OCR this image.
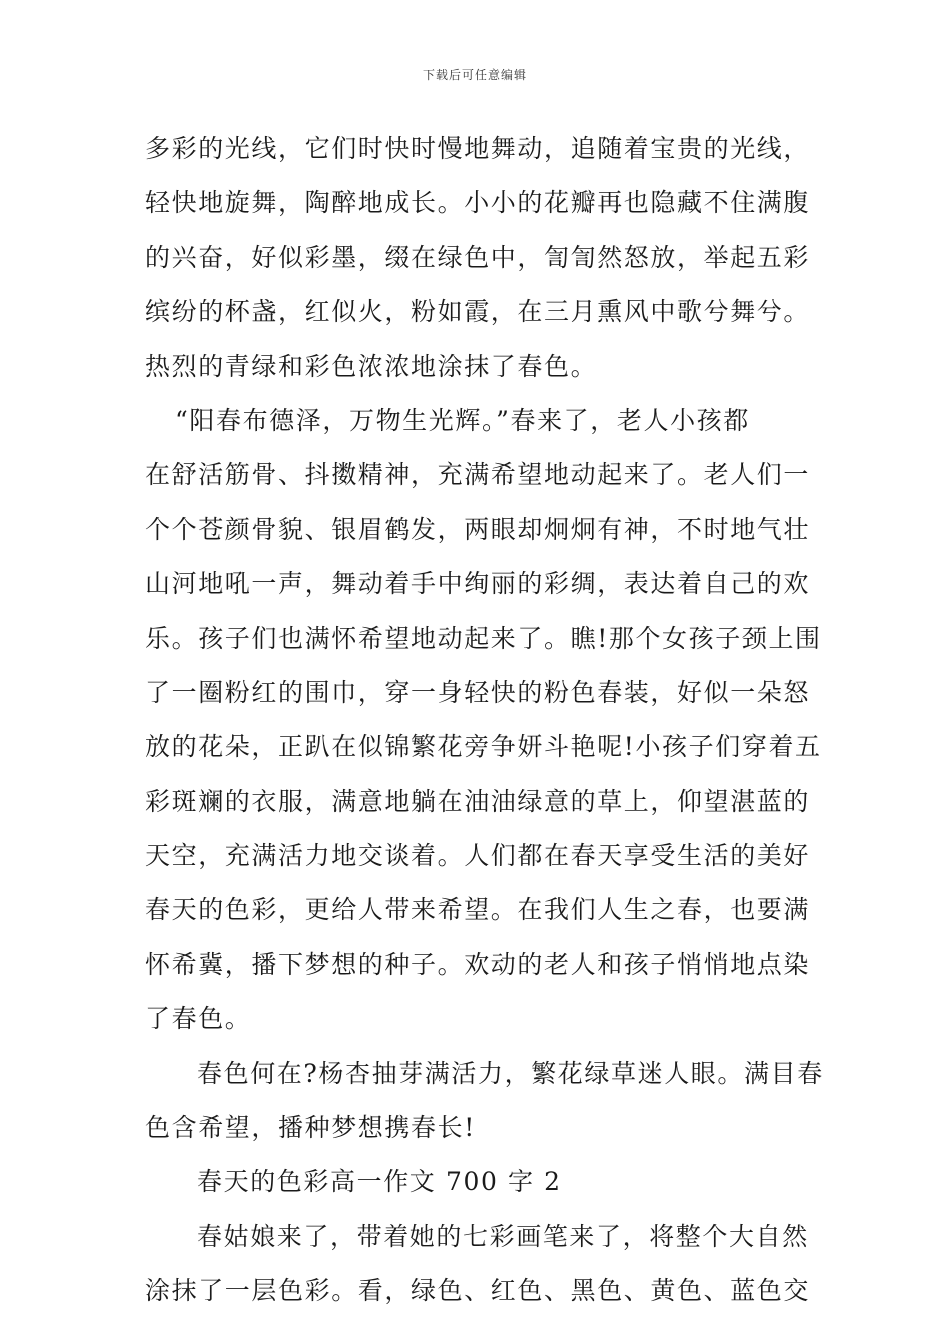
下载后可任意编辑
多彩的光线，它们时快时慢地舞动，追随着宝贵的光线，
轻快地旋舞，陶醉地成长。小小的花瓣再也隐藏不住满腹
的兴奋，好似彩墨，缀在绿色中，訇訇然怒放，举起五彩
缤纷的杯盏，红似火，粉如霞，在三月熏风中歌兮舞兮。
热烈的青绿和彩色浓浓地涂抹了春色。
“阳春布德泽，万物生光辉。”春来了，老人小孩都
在舒活筋骨、抖擞精神，充满希望地动起来了。老人们一
个个苍颜骨貌、银眉鹤发，两眼却炯炯有神，不时地气壮
山河地吼一声，舞动着手中绚丽的彩绸，表达着自己的欢
乐。孩子们也满怀希望地动起来了。瞧!那个女孩子颈上围
了一圈粉红的围巾，穿一身轻快的粉色春装，好似一朵怒
放的花朵，正趴在似锦繁花旁争妍斗艳呢!小孩子们穿着五
彩斑斓的衣服，满意地躺在油油绿意的草上，仰望湛蓝的
天空，充满活力地交谈着。人们都在春天享受生活的美好
春天的色彩，更给人带来希望。在我们人生之春，也要满
怀希冀，播下梦想的种子。欢动的老人和孩子悄悄地点染
了春色。
春色何在?杨杏抽芽满活力，繁花绿草迷人眼。满目春
色含希望，播种梦想携春长!
春天的色彩高一作文 700 字 2
春姑娘来了，带着她的七彩画笔来了，将整个大自然
涂抹了一层色彩。看，绿色、红色、黑色、黄色、蓝色交
